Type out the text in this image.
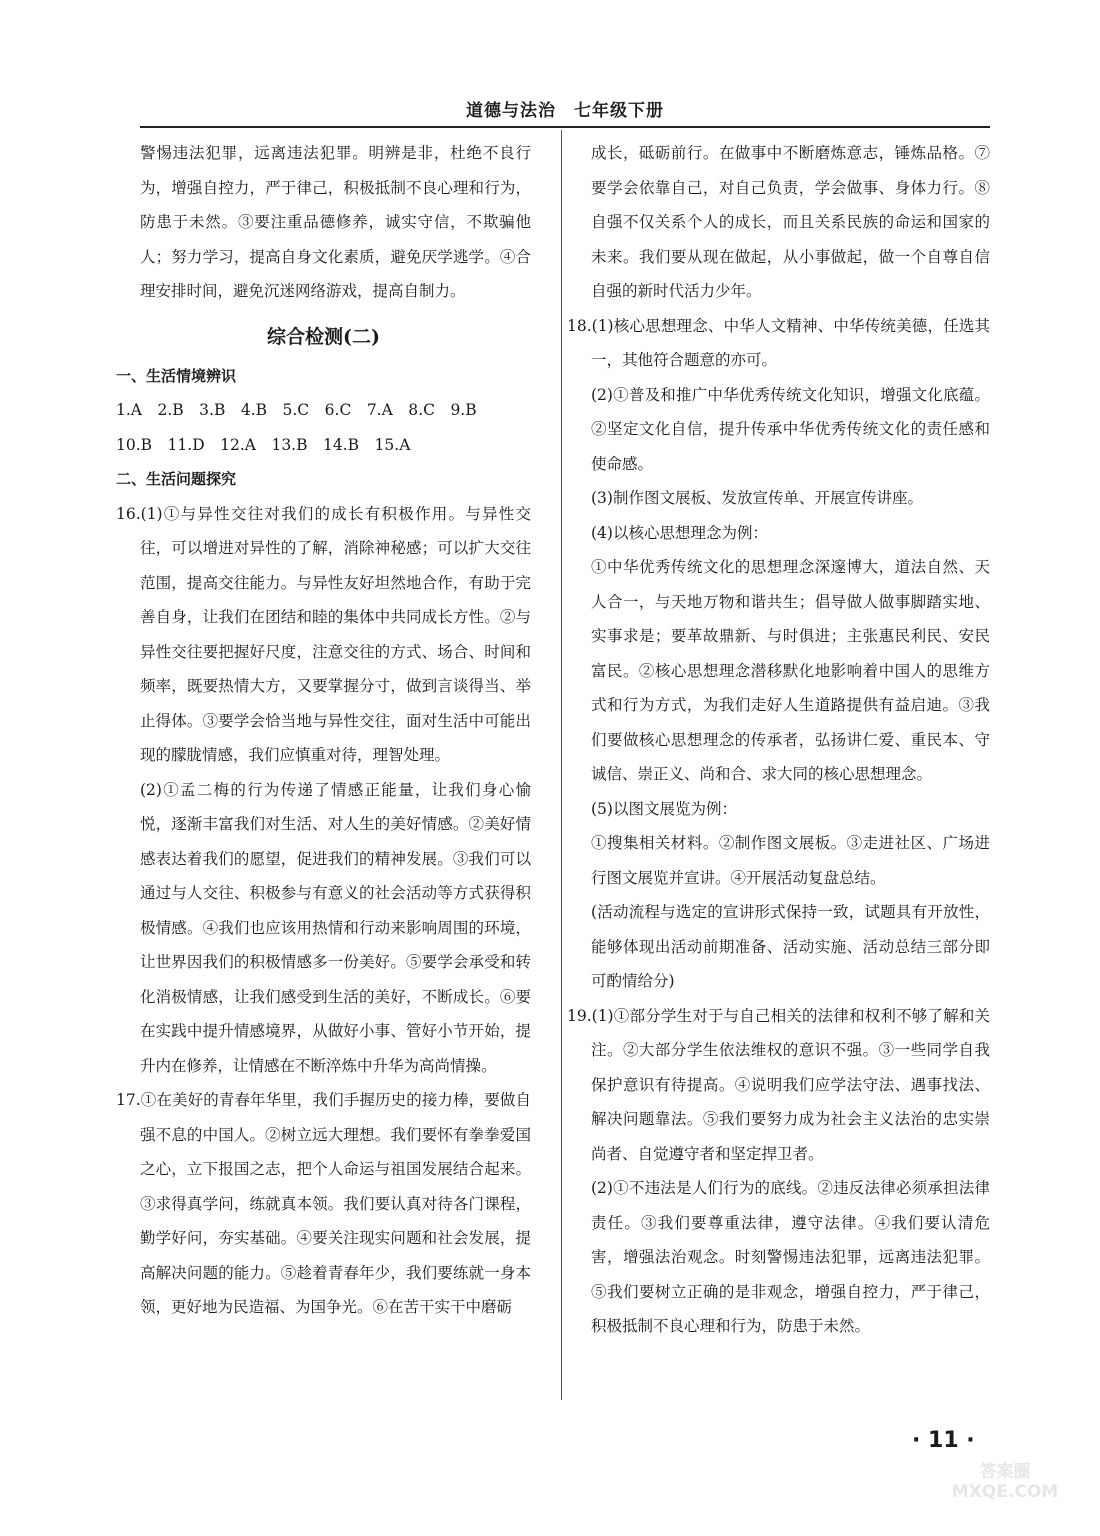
道德与法治　七年级下册

警惕违法犯罪，远离违法犯罪。明辨是非，杜绝不良行为，增强自控力，严于律己，积极抵制不良心理和行为，防患于未然。③要注重品德修养，诚实守信，不欺骗他人；努力学习，提高自身文化素质，避免厌学逃学。④合理安排时间，避免沉迷网络游戏，提高自制力。

综合检测(二)

一、生活情境辨识

1.A　2.B　3.B　4.B　5.C　6.C　7.A　8.C　9.B

10.B　11.D　12.A　13.B　14.B　15.A

二、生活问题探究

16.(1)①与异性交往对我们的成长有积极作用。与异性交往，可以增进对异性的了解，消除神秘感；可以扩大交往范围，提高交往能力。与异性友好坦然地合作，有助于完善自身，让我们在团结和睦的集体中共同成长方性。②与异性交往要把握好尺度，注意交往的方式、场合、时间和频率，既要热情大方，又要掌握分寸，做到言谈得当、举止得体。③要学会恰当地与异性交往，面对生活中可能出现的朦胧情感，我们应慎重对待，理智处理。

(2)①孟二梅的行为传递了情感正能量，让我们身心愉悦，逐渐丰富我们对生活、对人生的美好情感。②美好情感表达着我们的愿望，促进我们的精神发展。③我们可以通过与人交往、积极参与有意义的社会活动等方式获得积极情感。④我们也应该用热情和行动来影响周围的环境，让世界因我们的积极情感多一份美好。⑤要学会承受和转化消极情感，让我们感受到生活的美好，不断成长。⑥要在实践中提升情感境界，从做好小事、管好小节开始，提升内在修养，让情感在不断淬炼中升华为高尚情操。

17.①在美好的青春年华里，我们手握历史的接力棒，要做自强不息的中国人。②树立远大理想。我们要怀有拳拳爱国之心，立下报国之志，把个人命运与祖国发展结合起来。③求得真学问，练就真本领。我们要认真对待各门课程，勤学好问，夯实基础。④要关注现实问题和社会发展，提高解决问题的能力。⑤趁着青春年少，我们要练就一身本领，更好地为民造福、为国争光。⑥在苦干实干中磨砺

成长，砥砺前行。在做事中不断磨炼意志，锤炼品格。⑦要学会依靠自己，对自己负责，学会做事、身体力行。⑧自强不仅关系个人的成长，而且关系民族的命运和国家的未来。我们要从现在做起，从小事做起，做一个自尊自信自强的新时代活力少年。

18.(1)核心思想理念、中华人文精神、中华传统美德，任选其一，其他符合题意的亦可。

(2)①普及和推广中华优秀传统文化知识，增强文化底蕴。②坚定文化自信，提升传承中华优秀传统文化的责任感和使命感。

(3)制作图文展板、发放宣传单、开展宣传讲座。

(4)以核心思想理念为例：

①中华优秀传统文化的思想理念深邃博大，道法自然、天人合一，与天地万物和谐共生；倡导做人做事脚踏实地、实事求是；要革故鼎新、与时俱进；主张惠民利民、安民富民。②核心思想理念潜移默化地影响着中国人的思维方式和行为方式，为我们走好人生道路提供有益启迪。③我们要做核心思想理念的传承者，弘扬讲仁爱、重民本、守诚信、崇正义、尚和合、求大同的核心思想理念。

(5)以图文展览为例：

①搜集相关材料。②制作图文展板。③走进社区、广场进行图文展览并宣讲。④开展活动复盘总结。

(活动流程与选定的宣讲形式保持一致，试题具有开放性，能够体现出活动前期准备、活动实施、活动总结三部分即可酌情给分)

19.(1)①部分学生对于与自己相关的法律和权利不够了解和关注。②大部分学生依法维权的意识不强。③一些同学自我保护意识有待提高。④说明我们应学法守法、遇事找法、解决问题靠法。⑤我们要努力成为社会主义法治的忠实崇尚者、自觉遵守者和坚定捍卫者。

(2)①不违法是人们行为的底线。②违反法律必须承担法律责任。③我们要尊重法律，遵守法律。④我们要认清危害，增强法治观念。时刻警惕违法犯罪，远离违法犯罪。⑤我们要树立正确的是非观念，增强自控力，严于律己，积极抵制不良心理和行为，防患于未然。

· 11 ·
答案圈
MXQE.COM
